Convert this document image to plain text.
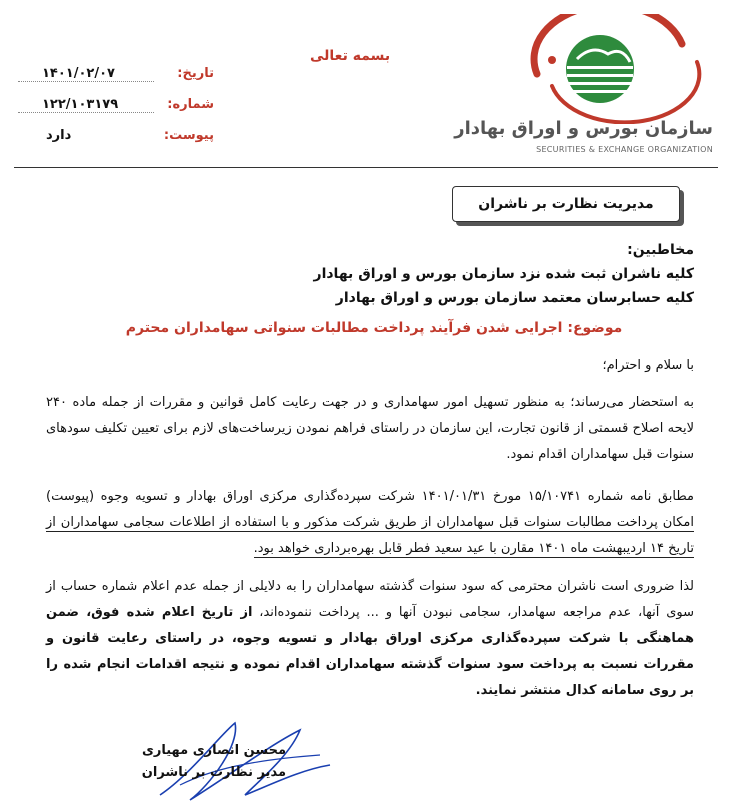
سازمان بورس و اوراق بهادار
SECURITIES & EXCHANGE ORGANIZATION
بسمه تعالی
تاریخ:
۱۴۰۱/۰۲/۰۷
شماره:
۱۲۲/۱۰۳۱۷۹
پیوست:
دارد
مدیریت نظارت بر ناشران
مخاطبین:
کلیه ناشران ثبت شده نزد سازمان بورس و اوراق بهادار
کلیه حسابرسان معتمد سازمان بورس و اوراق بهادار
موضوع: اجرایی شدن فرآیند پرداخت مطالبات سنواتی سهامداران محترم
با سلام و احترام؛
به استحضار می‌رساند؛ به منظور تسهیل امور سهامداری و در جهت رعایت کامل قوانین و مقررات از جمله ماده ۲۴۰ لایحه اصلاح قسمتی از قانون تجارت، این سازمان در راستای فراهم نمودن زیرساخت‌های لازم برای تعیین تکلیف سودهای سنوات قبل سهامداران اقدام نمود.
مطابق نامه شماره ۱۵/۱۰۷۴۱ مورخ ۱۴۰۱/۰۱/۳۱ شرکت سپرده‌گذاری مرکزی اوراق بهادار و تسویه وجوه (پیوست) امکان پرداخت مطالبات سنوات قبل سهامداران از طریق شرکت مذکور و با استفاده از اطلاعات سجامی سهامداران از تاریخ ۱۴ اردیبهشت ماه ۱۴۰۱ مقارن با عید سعید فطر قابل بهره‌برداری خواهد بود.
لذا ضروری است ناشران محترمی که سود سنوات گذشته سهامداران را به دلایلی از جمله عدم اعلام شماره حساب از سوی آنها، عدم مراجعه سهامدار، سجامی نبودن آنها و ... پرداخت ننموده‌اند، از تاریخ اعلام شده فوق، ضمن هماهنگی با شرکت سپرده‌گذاری مرکزی اوراق بهادار و تسویه وجوه، در راستای رعایت قانون و مقررات نسبت به پرداخت سود سنوات گذشته سهامداران اقدام نموده و نتیجه اقدامات انجام شده را بر روی سامانه کدال منتشر نمایند.
محسن انصاری مهیاری
مدیر نظارت بر ناشران
